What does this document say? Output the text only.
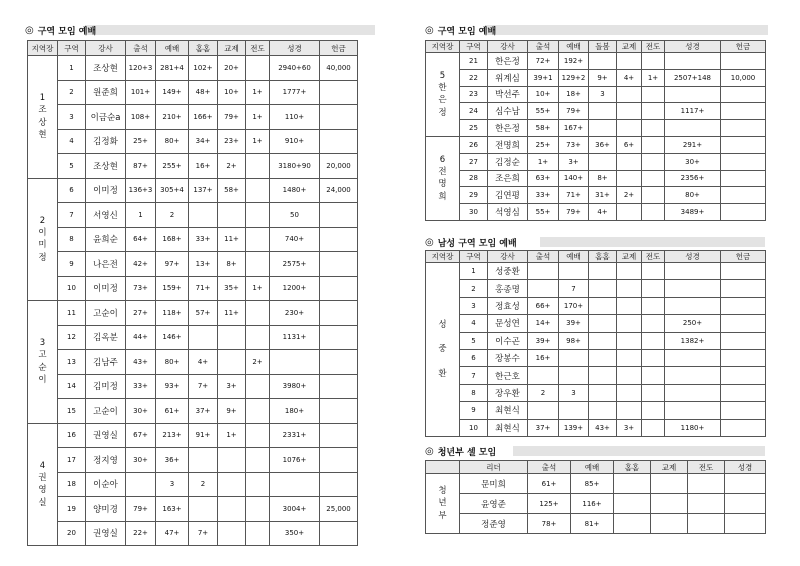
◎ 구역 모임 예배
지역장	구역	강사	출석	예배	홈홈	교제	전도	성경	헌금

1
조
상
현	1	조상현	120+3	281+4	102+	20+		2940+60	40,000
	2	원준희	101+	149+	48+	10+	1+	1777+	
	3	이금순a	108+	210+	166+	79+	1+	110+	
	4	김정화	25+	80+	34+	23+	1+	910+	
	5	조상현	87+	255+	16+	2+		3180+90	20,000

2
이
미
정	6	이미정	136+3	305+4	137+	58+		1480+	24,000
	7	서영신	1	2				50	
	8	윤희순	64+	168+	33+	11+		740+	
	9	나은전	42+	97+	13+	8+		2575+	
	10	이미정	73+	159+	71+	35+	1+	1200+	

3
고
순
이	11	고순이	27+	118+	57+	11+		230+	
	12	김옥분	44+	146+				1131+	
	13	김남주	43+	80+	4+		2+		
	14	김미정	33+	93+	7+	3+		3980+	
	15	고순이	30+	61+	37+	9+		180+	

4
권
영
실	16	권영실	67+	213+	91+	1+		2331+	
	17	정지영	30+	36+				1076+	
	18	이순아		3	2				
	19	양미경	79+	163+				3004+	25,000
	20	권영실	22+	47+	7+			350+	
◎ 구역 모임 예배
지역장	구역	강사	출석	예배	돌봄	교제	전도	성경	헌금

5
한
은
정	21	한은정	72+	192+					
	22	위계심	39+1	129+2	9+	4+	1+	2507+148	10,000
	23	박선주	10+	18+	3				
	24	심수남	55+	79+				1117+	
	25	한은정	58+	167+					

6
전
명
희	26	전명희	25+	73+	36+	6+		291+	
	27	김정순	1+	3+				30+	
	28	조은희	63+	140+	8+			2356+	
	29	김연평	33+	71+	31+	2+		80+	
	30	석영심	55+	79+	4+			3489+	
◎ 남성 구역 모임 예배
지역장	구역	강사	출석	예배	홈홈	교제	전도	성경	헌금

성

중

환	1	성중환							
	2	홍종명		7					
	3	정효성	66+	170+					
	4	문성연	14+	39+				250+	
	5	이수곤	39+	98+				1382+	
	6	장봉수	16+						
	7	한근호							
	8	장우환	2	3					
	9	최현식							
	10	최현식	37+	139+	43+	3+		1180+	
◎ 청년부 셀 모임
	리더	출석	예배	홈홈	교제	전도	성경

청
년
부	문미희	61+	85+				
	윤영준	125+	116+				
	정준영	78+	81+				
